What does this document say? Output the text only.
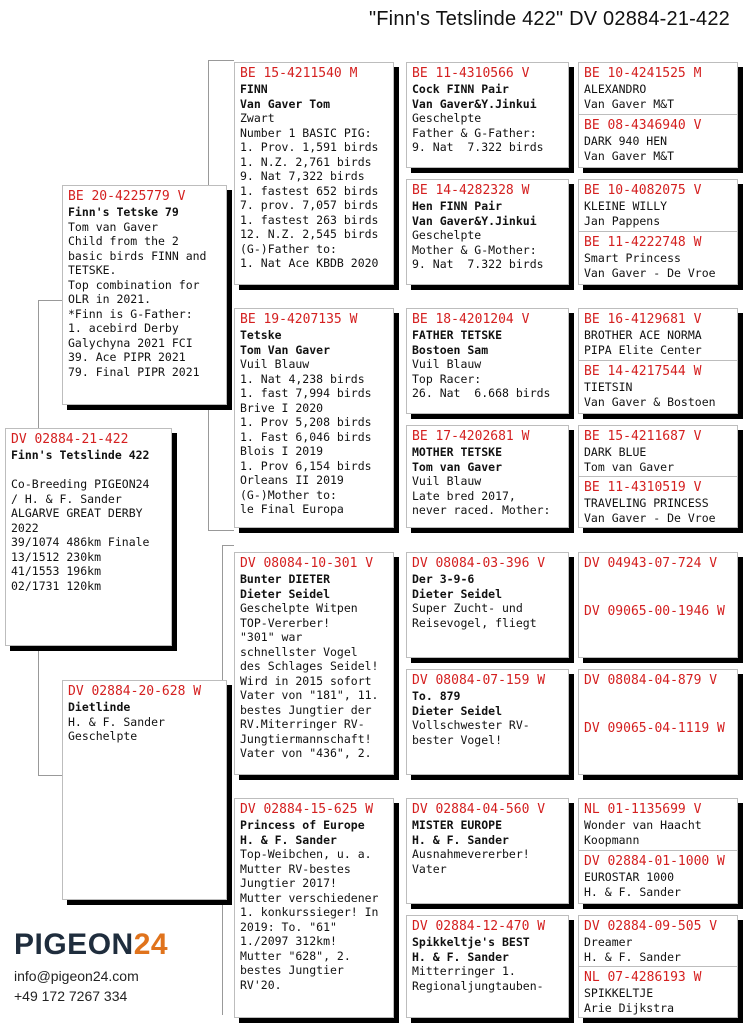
"Finn's Tetslinde 422" DV 02884-21-422
DV 02884-21-422
Finn's Tetslinde 422
Co-Breeding PIGEON24
/ H. & F. Sander
ALGARVE GREAT DERBY
2022
39/1074 486km Finale
13/1512 230km
41/1553 196km
02/1731 120km
BE 20-4225779 V
Finn's Tetske 79
Tom van Gaver
Child from the 2
basic birds FINN and
TETSKE.
Top combination for
OLR in 2021.
*Finn is G-Father:
1. acebird Derby
Galychyna 2021 FCI
39. Ace PIPR 2021
79. Final PIPR 2021
DV 02884-20-628 W
Dietlinde
H. & F. Sander
Geschelpte
BE 15-4211540 M
FINN
Van Gaver Tom
Zwart
Number 1 BASIC PIG:
1. Prov. 1,591 birds
1. N.Z. 2,761 birds
9. Nat 7,322 birds
1. fastest 652 birds
7. prov. 7,057 birds
1. fastest 263 birds
12. N.Z. 2,545 birds
(G-)Father to:
1. Nat Ace KBDB 2020
BE 19-4207135 W
Tetske
Tom Van Gaver
Vuil Blauw
1. Nat 4,238 birds
1. fast 7,994 birds
Brive I 2020
1. Prov 5,208 birds
1. Fast 6,046 birds
Blois I 2019
1. Prov 6,154 birds
Orleans II 2019
(G-)Mother to:
le Final Europa
DV 08084-10-301 V
Bunter DIETER
Dieter Seidel
Geschelpte Witpen
TOP-Vererber!
"301" war
schnellster Vogel
des Schlages Seidel!
Wird in 2015 sofort
Vater von "181", 11.
bestes Jungtier der
RV.Miterringer RV-
Jungtiermannschaft!
Vater von "436", 2.
DV 02884-15-625 W
Princess of Europe
H. & F. Sander
Top-Weibchen, u. a.
Mutter RV-bestes
Jungtier 2017!
Mutter verschiedener
1. konkurssieger! In
2019: To. "61"
1./2097 312km!
Mutter "628", 2.
bestes Jungtier
RV'20.
BE 11-4310566 V
Cock FINN Pair
Van Gaver&Y.Jinkui
Geschelpte
Father & G-Father:
9. Nat  7.322 birds
BE 14-4282328 W
Hen FINN Pair
Van Gaver&Y.Jinkui
Geschelpte
Mother & G-Mother:
9. Nat  7.322 birds
BE 18-4201204 V
FATHER TETSKE
Bostoen Sam
Vuil Blauw
Top Racer:
26. Nat  6.668 birds
BE 17-4202681 W
MOTHER TETSKE
Tom van Gaver
Vuil Blauw
Late bred 2017,
never raced. Mother:
DV 08084-03-396 V
Der 3-9-6
Dieter Seidel
Super Zucht- und
Reisevogel, fliegt
DV 08084-07-159 W
To. 879
Dieter Seidel
Vollschwester RV-
bester Vogel!
DV 02884-04-560 V
MISTER EUROPE
H. & F. Sander
Ausnahmevererber!
Vater
DV 02884-12-470 W
Spikkeltje's BEST
H. & F. Sander
Mitterringer 1.
Regionaljungtauben-
BE 10-4241525 M
ALEXANDRO
Van Gaver M&T
BE 08-4346940 V
DARK 940 HEN
Van Gaver M&T
BE 10-4082075 V
KLEINE WILLY
Jan Pappens
BE 11-4222748 W
Smart Princess
Van Gaver - De Vroe
BE 16-4129681 V
BROTHER ACE NORMA
PIPA Elite Center
BE 14-4217544 W
TIETSIN
Van Gaver & Bostoen
BE 15-4211687 V
DARK BLUE
Tom van Gaver
BE 11-4310519 V
TRAVELING PRINCESS
Van Gaver - De Vroe
DV 04943-07-724 V
DV 09065-00-1946 W
DV 08084-04-879 V
DV 09065-04-1119 W
NL 01-1135699 V
Wonder van Haacht
Koopmann
DV 02884-01-1000 W
EUROSTAR 1000
H. & F. Sander
DV 02884-09-505 V
Dreamer
H. & F. Sander
NL 07-4286193 W
SPIKKELTJE
Arie Dijkstra
PIGEON24
info@pigeon24.com
+49 172 7267 334
